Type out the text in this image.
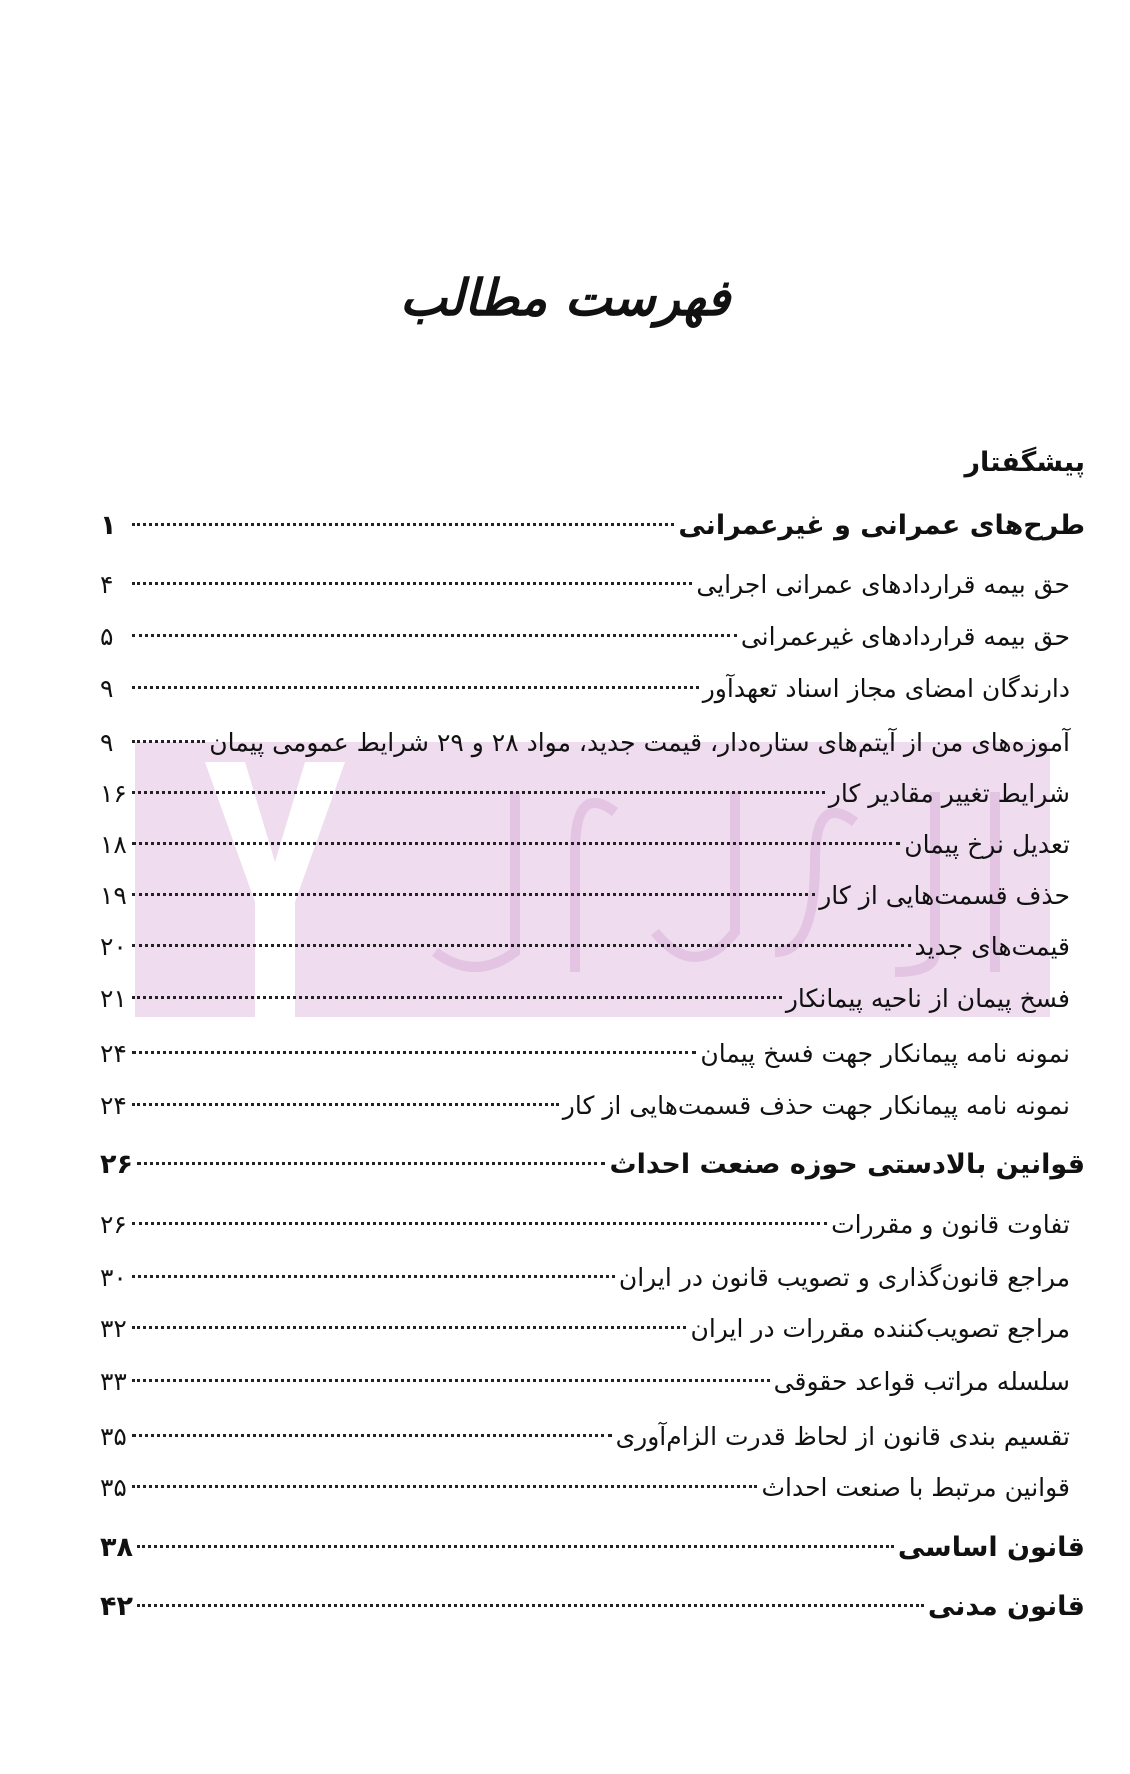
فهرست مطالب
پیشگفتار
طرح‌های عمرانی و غیرعمرانی
۱
حق بیمه قراردادهای عمرانی اجرایی
۴
حق بیمه قراردادهای غیرعمرانی
۵
دارندگان امضای مجاز اسناد تعهدآور
۹
آموزه‌های من از آیتم‌های ستاره‌دار، قیمت جدید، مواد ۲۸ و ۲۹ شرایط عمومی پیمان
۹
شرایط تغییر مقادیر کار
۱۶
تعدیل نرخ پیمان
۱۸
حذف قسمت‌هایی از کار
۱۹
قیمت‌های جدید
۲۰
فسخ پیمان از ناحیه پیمانکار
۲۱
نمونه نامه پیمانکار جهت فسخ پیمان
۲۴
نمونه نامه پیمانکار جهت حذف قسمت‌هایی از کار
۲۴
قوانین بالادستی حوزه صنعت احداث
۲۶
تفاوت قانون و مقررات
۲۶
مراجع قانون‌گذاری و تصویب قانون در ایران
۳۰
مراجع تصویب‌کننده مقررات در ایران
۳۲
سلسله مراتب قواعد حقوقی
۳۳
تقسیم بندی قانون از لحاظ قدرت الزام‌آوری
۳۵
قوانین مرتبط با صنعت احداث
۳۵
قانون اساسی
۳۸
قانون مدنی
۴۲
